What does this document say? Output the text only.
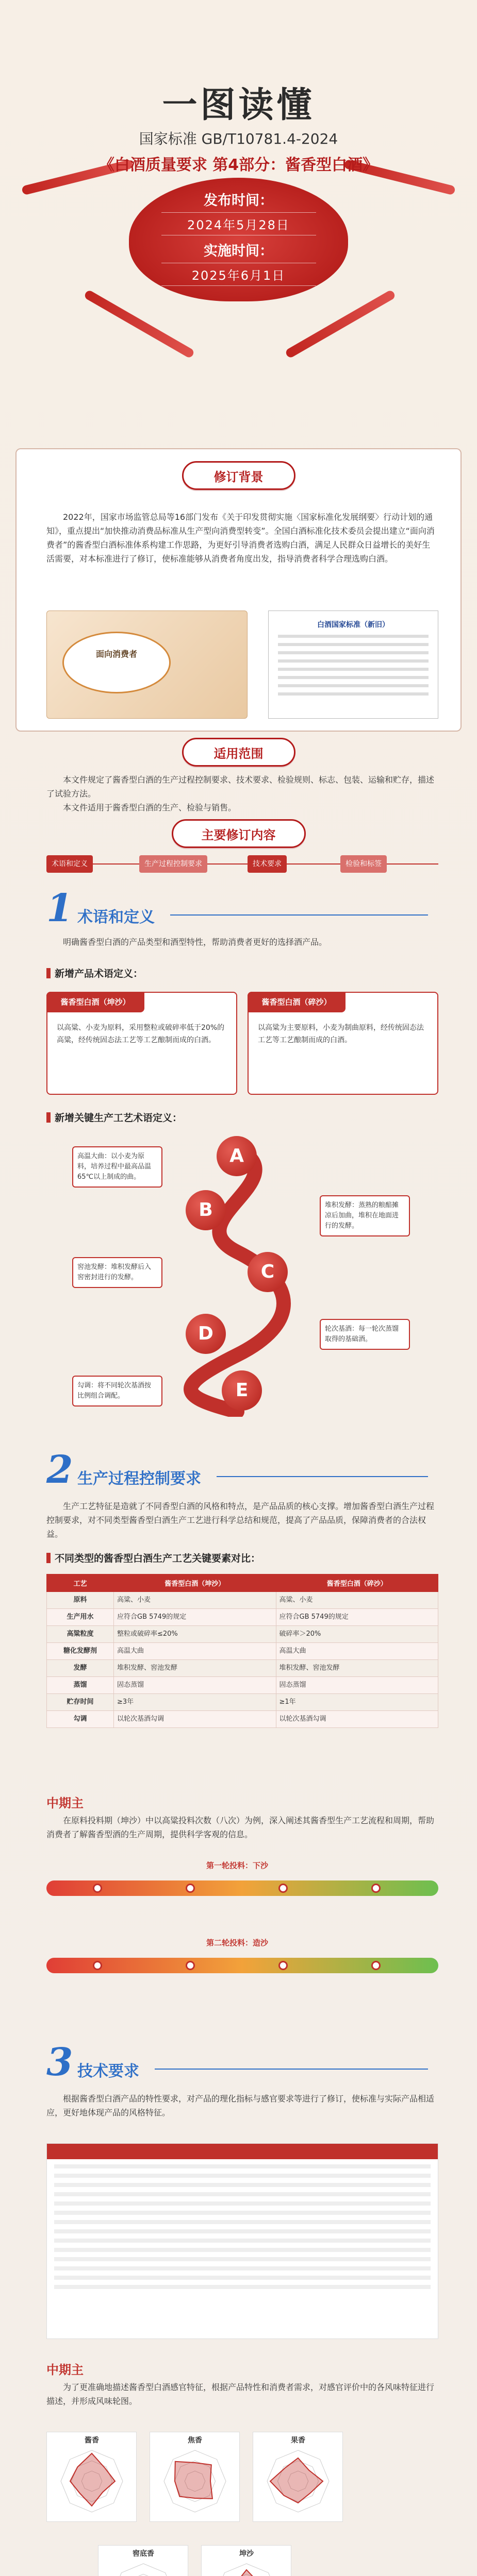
一图读懂
国家标准 GB/T10781.4-2024
《白酒质量要求 第4部分：酱香型白酒》
发布时间：
2024年5月28日
实施时间：
2025年6月1日
修订背景

2022年，国家市场监管总局等16部门发布《关于印发贯彻实施〈国家标准化发展纲要〉行动计划的通知》，重点提出“加快推动消费品标准从生产型向消费型转变”。全国白酒标准化技术委员会提出建立“面向消费者”的酱香型白酒标准体系构建工作思路，为更好引导消费者选购白酒，满足人民群众日益增长的美好生活需要，对本标准进行了修订，使标准能够从消费者角度出发，指导消费者科学合理选购白酒。

面向消费者
白酒国家标准（新旧）
适用范围

本文件规定了酱香型白酒的生产过程控制要求、技术要求、检验规则、标志、包装、运输和贮存，描述了试验方法。

本文件适用于酱香型白酒的生产、检验与销售。

主要修订内容
术语和定义	生产过程控制要求	技术要求	检验和标签
1 术语和定义

明确酱香型白酒的产品类型和酒型特性，帮助消费者更好的选择酒产品。

新增产品术语定义：
酱香型白酒（坤沙）
以高粱、小麦为原料，采用整粒或破碎率低于20%的高粱，经传统固态法工艺等工艺酿制而成的白酒。
酱香型白酒（碎沙）
以高粱为主要原料，小麦为制曲原料，经传统固态法工艺等工艺酿制而成的白酒。
新增关键生产工艺术语定义：
A
B
C
D
E
高温大曲：以小麦为原料，培养过程中最高品温65℃以上制成的曲。
堆积发酵：蒸熟的粮醅摊凉后加曲，堆积在地面进行的发酵。
窖池发酵：堆积发酵后入窖密封进行的发酵。
轮次基酒：每一轮次蒸馏取得的基础酒。
勾调：将不同轮次基酒按比例组合调配。
2 生产过程控制要求

生产工艺特征是造就了不同香型白酒的风格和特点，是产品品质的核心支撑。增加酱香型白酒生产过程控制要求，对不同类型酱香型白酒生产工艺进行科学总结和规范，提高了产品品质，保障消费者的合法权益。

不同类型的酱香型白酒生产工艺关键要素对比：
工艺	酱香型白酒（坤沙）	酱香型白酒（碎沙）
原料	高粱、小麦	高粱、小麦
生产用水	应符合GB 5749的规定	应符合GB 5749的规定
高粱粒度	整粒或破碎率≤20%	破碎率＞20%
糖化发酵剂	高温大曲	高温大曲
发酵	堆积发酵、窖池发酵	堆积发酵、窖池发酵
蒸馏	固态蒸馏	固态蒸馏
贮存时间	≥3年	≥1年
勾调	以轮次基酒勾调	以轮次基酒勾调
中期主

在原料投料期（坤沙）中以高粱投料次数（八次）为例，深入阐述其酱香型生产工艺流程和周期，帮助消费者了解酱香型酒的生产周期，提供科学客观的信息。

第一轮投料：下沙
第二轮投料：造沙
3 技术要求

根据酱香型白酒产品的特性要求，对产品的理化指标与感官要求等进行了修订，使标准与实际产品相适应，更好地体现产品的风格特征。

中期主

为了更准确地描述酱香型白酒感官特征，根据产品特性和消费者需求，对感官评价中的各风味特征进行描述，并形成风味轮图。

酱香	焦香	果香
窖底香	坤沙
